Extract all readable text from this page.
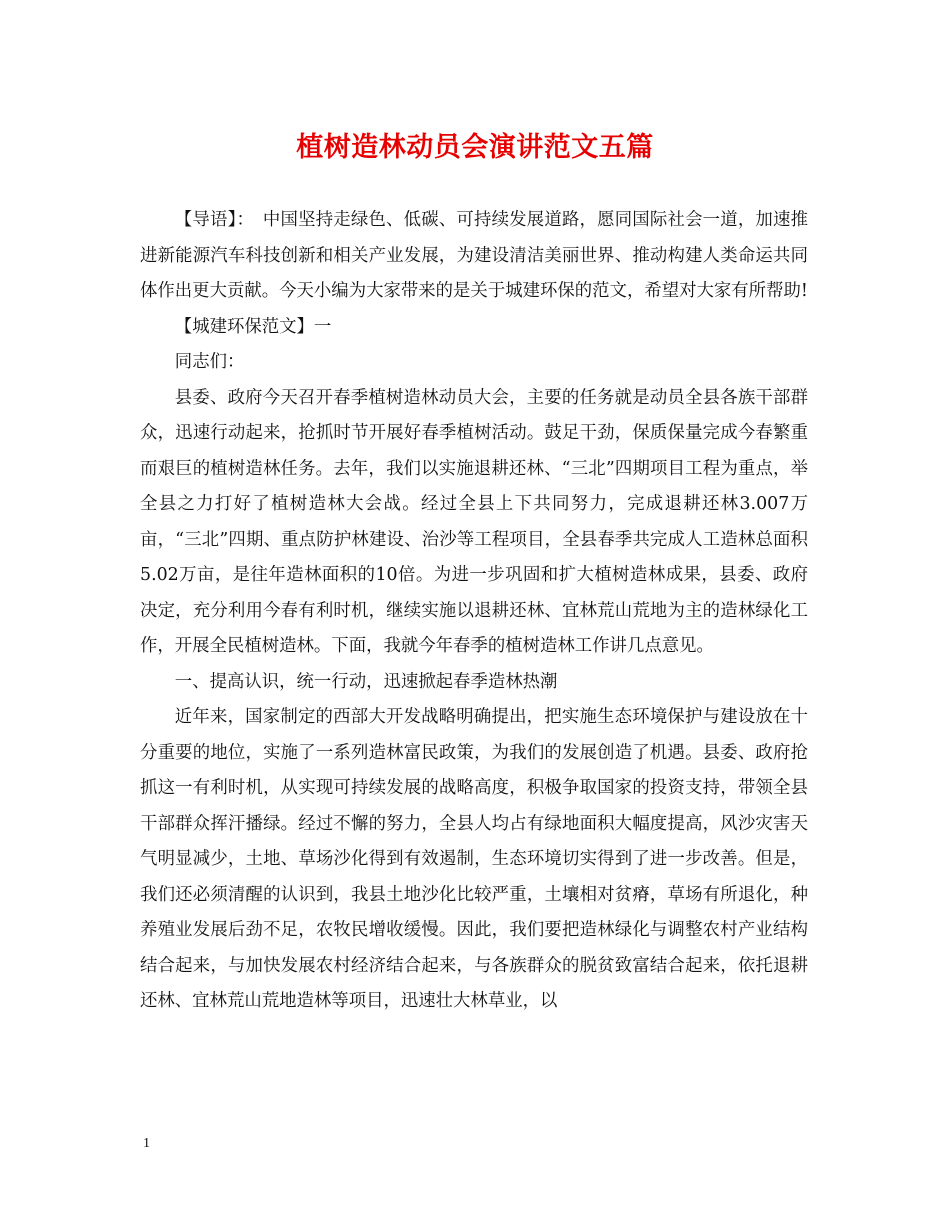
植树造林动员会演讲范文五篇

【导语】：　中国坚持走绿色、低碳、可持续发展道路，愿同国际社会一道，加速推进新能源汽车科技创新和相关产业发展，为建设清洁美丽世界、推动构建人类命运共同体作出更大贡献。今天小编为大家带来的是关于城建环保的范文，希望对大家有所帮助!

【城建环保范文】一

同志们：

县委、政府今天召开春季植树造林动员大会，主要的任务就是动员全县各族干部群众，迅速行动起来，抢抓时节开展好春季植树活动。鼓足干劲，保质保量完成今春繁重而艰巨的植树造林任务。去年，我们以实施退耕还林、“三北”四期项目工程为重点，举全县之力打好了植树造林大会战。经过全县上下共同努力，完成退耕还林3.007万亩，“三北”四期、重点防护林建设、治沙等工程项目，全县春季共完成人工造林总面积5.02万亩，是往年造林面积的10倍。为进一步巩固和扩大植树造林成果，县委、政府决定，充分利用今春有利时机，继续实施以退耕还林、宜林荒山荒地为主的造林绿化工作，开展全民植树造林。下面，我就今年春季的植树造林工作讲几点意见。

一、提高认识，统一行动，迅速掀起春季造林热潮

近年来，国家制定的西部大开发战略明确提出，把实施生态环境保护与建设放在十分重要的地位，实施了一系列造林富民政策，为我们的发展创造了机遇。县委、政府抢抓这一有利时机，从实现可持续发展的战略高度，积极争取国家的投资支持，带领全县干部群众挥汗播绿。经过不懈的努力，全县人均占有绿地面积大幅度提高，风沙灾害天气明显减少，土地、草场沙化得到有效遏制，生态环境切实得到了进一步改善。但是，我们还必须清醒的认识到，我县土地沙化比较严重，土壤相对贫瘠，草场有所退化，种养殖业发展后劲不足，农牧民增收缓慢。因此，我们要把造林绿化与调整农村产业结构结合起来，与加快发展农村经济结合起来，与各族群众的脱贫致富结合起来，依托退耕还林、宜林荒山荒地造林等项目，迅速壮大林草业，以

1
